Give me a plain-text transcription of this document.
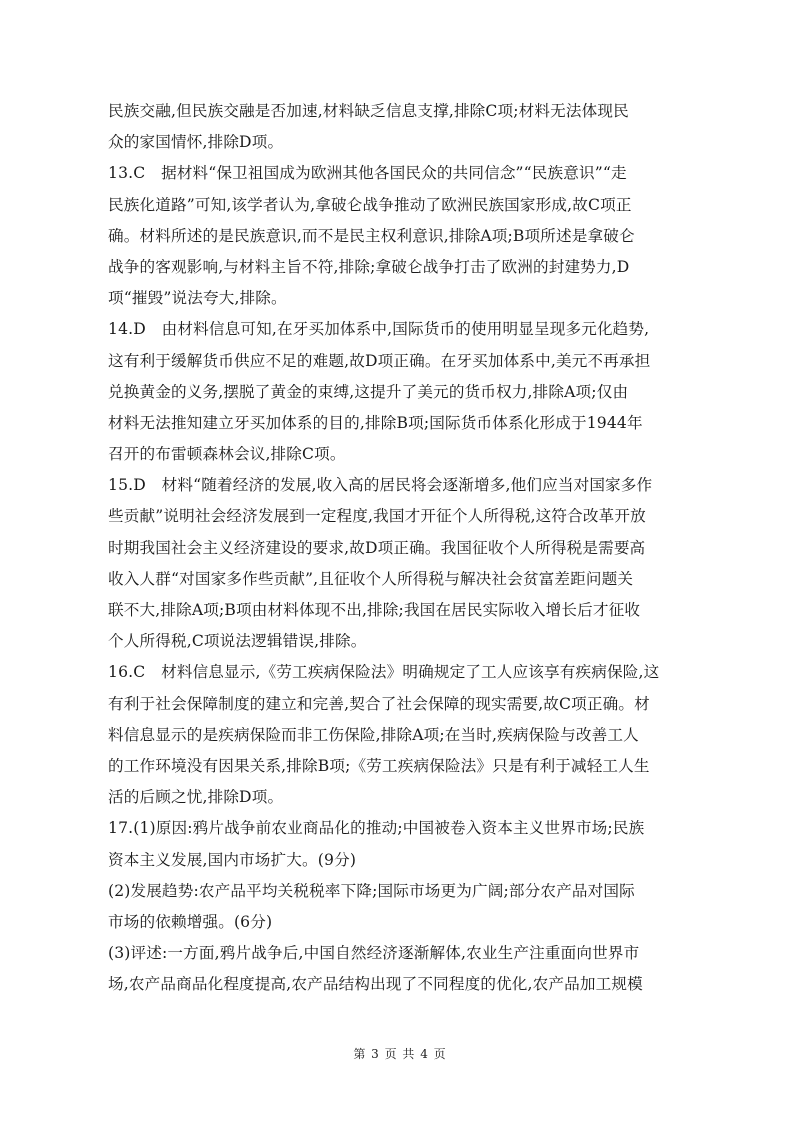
民族交融,但民族交融是否加速,材料缺乏信息支撑,排除C项;材料无法体现民
众的家国情怀,排除D项。
13.C　据材料“保卫祖国成为欧洲其他各国民众的共同信念”“民族意识”“走
民族化道路”可知,该学者认为,拿破仑战争推动了欧洲民族国家形成,故C项正
确。材料所述的是民族意识,而不是民主权利意识,排除A项;B项所述是拿破仑
战争的客观影响,与材料主旨不符,排除;拿破仑战争打击了欧洲的封建势力,D
项“摧毁”说法夸大,排除。
14.D　由材料信息可知,在牙买加体系中,国际货币的使用明显呈现多元化趋势,
这有利于缓解货币供应不足的难题,故D项正确。在牙买加体系中,美元不再承担
兑换黄金的义务,摆脱了黄金的束缚,这提升了美元的货币权力,排除A项;仅由
材料无法推知建立牙买加体系的目的,排除B项;国际货币体系化形成于1944年
召开的布雷顿森林会议,排除C项。
15.D　材料“随着经济的发展,收入高的居民将会逐渐增多,他们应当对国家多作
些贡献”说明社会经济发展到一定程度,我国才开征个人所得税,这符合改革开放
时期我国社会主义经济建设的要求,故D项正确。我国征收个人所得税是需要高
收入人群“对国家多作些贡献”,且征收个人所得税与解决社会贫富差距问题关
联不大,排除A项;B项由材料体现不出,排除;我国在居民实际收入增长后才征收
个人所得税,C项说法逻辑错误,排除。
16.C　材料信息显示,《劳工疾病保险法》明确规定了工人应该享有疾病保险,这
有利于社会保障制度的建立和完善,契合了社会保障的现实需要,故C项正确。材
料信息显示的是疾病保险而非工伤保险,排除A项;在当时,疾病保险与改善工人
的工作环境没有因果关系,排除B项;《劳工疾病保险法》只是有利于减轻工人生
活的后顾之忧,排除D项。
17.(1)原因:鸦片战争前农业商品化的推动;中国被卷入资本主义世界市场;民族
资本主义发展,国内市场扩大。(9分)
(2)发展趋势:农产品平均关税税率下降;国际市场更为广阔;部分农产品对国际
市场的依赖增强。(6分)
(3)评述:一方面,鸦片战争后,中国自然经济逐渐解体,农业生产注重面向世界市
场,农产品商品化程度提高,农产品结构出现了不同程度的优化,农产品加工规模
第 3 页 共 4 页
